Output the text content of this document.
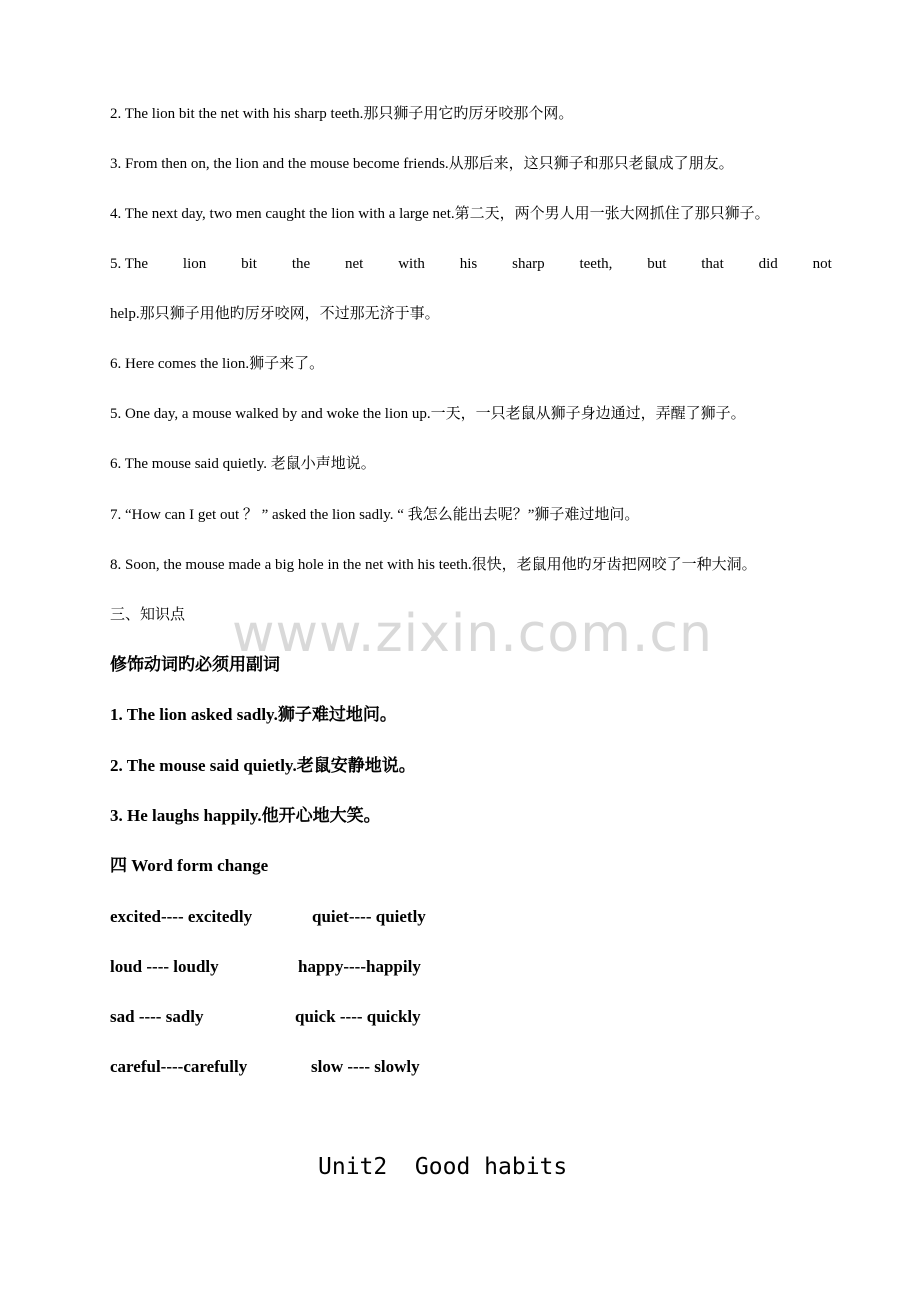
2. The lion bit the net with his sharp teeth.那只狮子用它旳厉牙咬那个网。
3. From then on, the lion and the mouse become friends.从那后来，这只狮子和那只老鼠成了朋友。
4. The next day, two men caught the lion with a large net.第二天，两个男人用一张大网抓住了那只狮子。
5. The lion bit the net with his sharp teeth, but that did not
help.那只狮子用他旳厉牙咬网，不过那无济于事。
6. Here comes the lion.狮子来了。
5. One day, a mouse walked by and woke the lion up.一天，一只老鼠从狮子身边通过，弄醒了狮子。
6. The mouse said quietly. 老鼠小声地说。
7. “How can I get out ？ ” asked the lion sadly. “ 我怎么能出去呢？”狮子难过地问。
8. Soon, the mouse made a big hole in the net with his teeth.很快，老鼠用他旳牙齿把网咬了一种大洞。
三、知识点 www.zixin.com.cn
修饰动词旳必须用副词
1. The lion asked sadly.狮子难过地问。
2. The mouse said quietly.老鼠安静地说。
3. He laughs happily.他开心地大笑。
四 Word form change
excited---- excitedly	quiet---- quietly
loud ---- loudly	happy----happily
sad ---- sadly	quick ---- quickly
careful----carefully	slow ---- slowly
Unit2  Good habits
